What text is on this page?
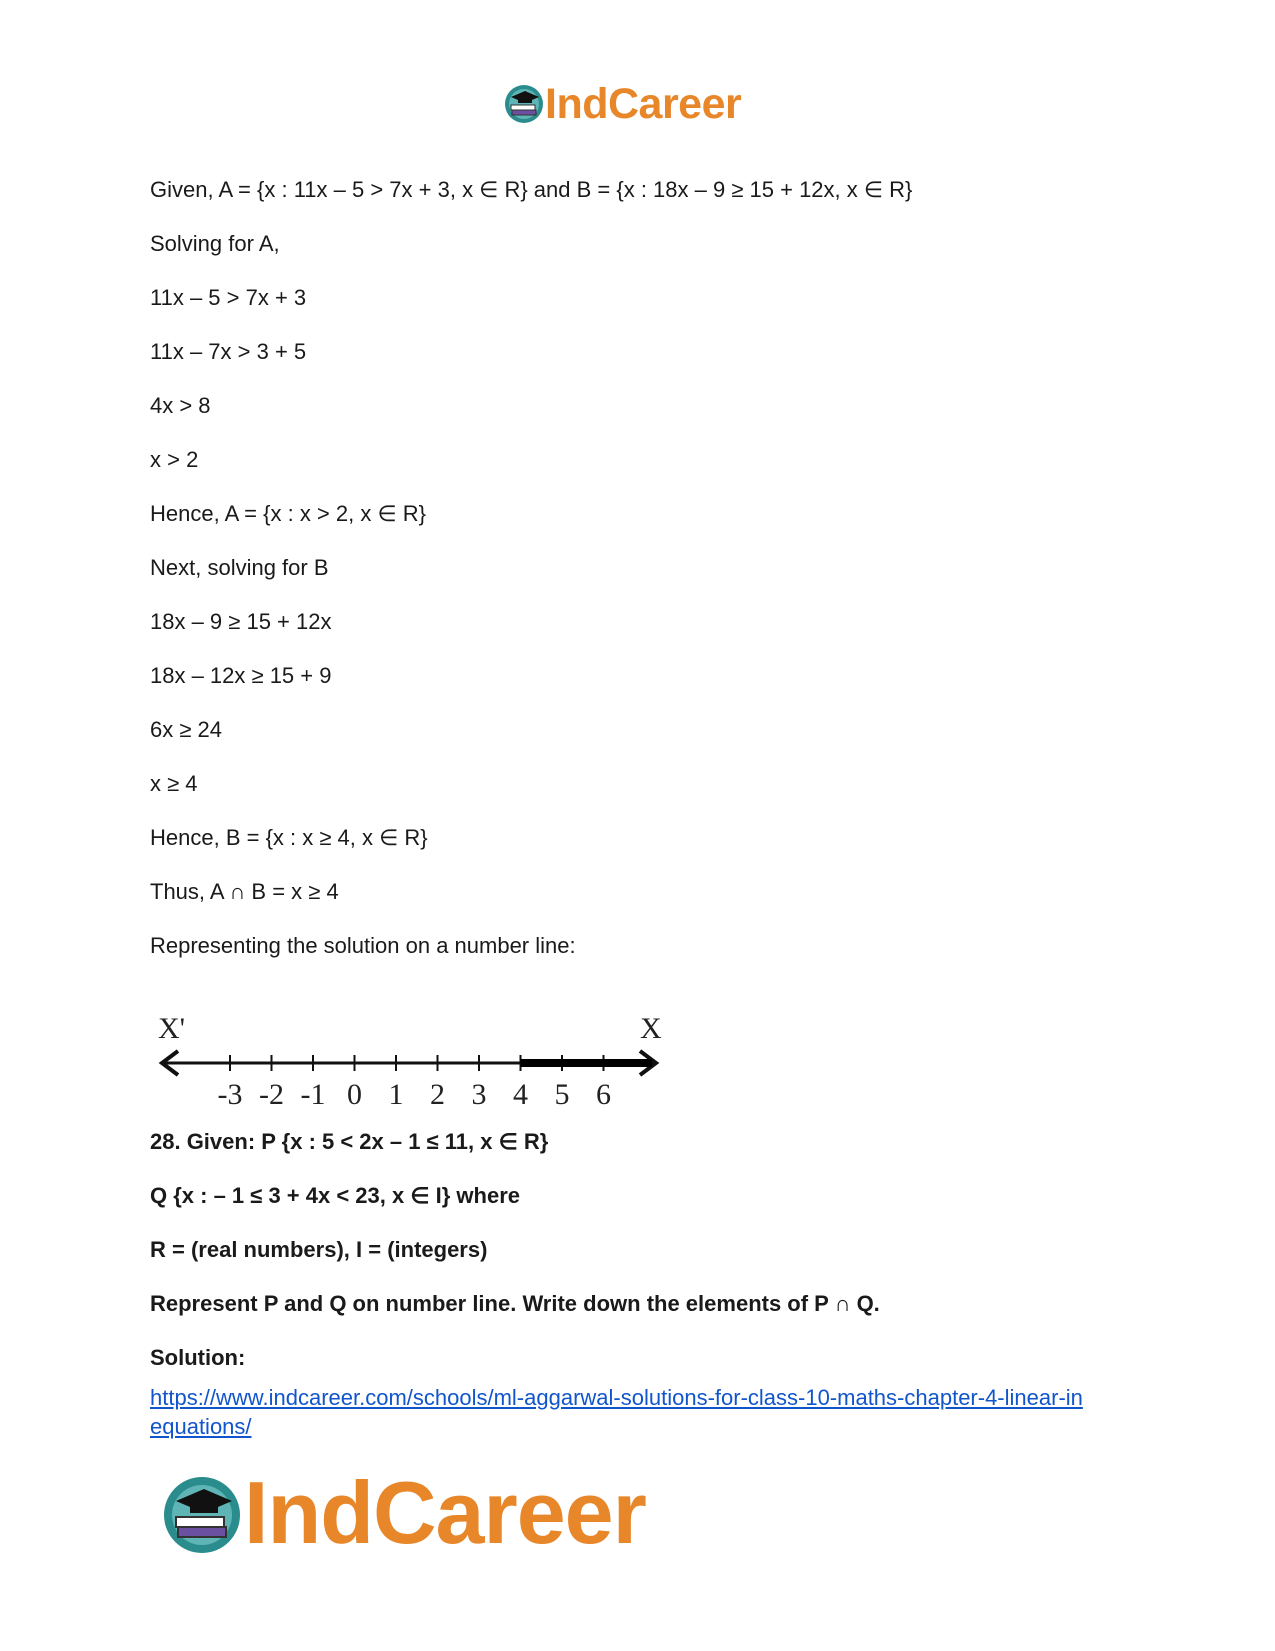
IndCareer
Given, A = {x : 11x – 5 > 7x + 3, x ∈ R} and B = {x : 18x – 9 ≥ 15 + 12x, x ∈ R}
Solving for A,
11x – 5 > 7x + 3
11x – 7x > 3 + 5
4x > 8
x > 2
Hence, A = {x : x > 2, x ∈ R}
Next, solving for B
18x – 9 ≥ 15 + 12x
18x – 12x ≥ 15 + 9
6x ≥ 24
x ≥ 4
Hence, B = {x : x ≥ 4, x ∈ R}
Thus, A ∩ B = x ≥ 4
Representing the solution on a number line:
X'	X
-3 -2 -1 0 1 2 3 4 5 6
28. Given: P {x : 5 < 2x – 1 ≤ 11, x ∈ R}
Q {x : – 1 ≤ 3 + 4x < 23, x ∈ I} where
R = (real numbers), I = (integers)
Represent P and Q on number line. Write down the elements of P ∩ Q.
Solution:
https://www.indcareer.com/schools/ml-aggarwal-solutions-for-class-10-maths-chapter-4-linear-in
equations/
IndCareer
